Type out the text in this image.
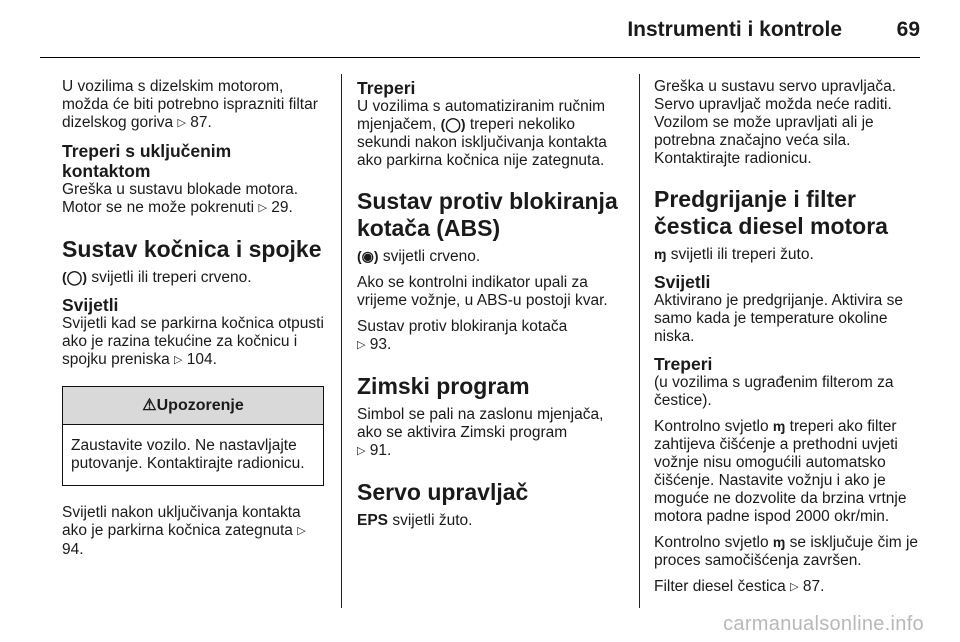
Instrumenti i kontrole	69

U vozilima s dizelskim motorom, možda će biti potrebno isprazniti filtar dizelskog goriva ▷ 87.

Treperi s uključenim kontaktom

Greška u sustavu blokade motora.
Motor se ne može pokrenuti ▷ 29.

Sustav kočnica i spojke

(◯) svijetli ili treperi crveno.

Svijetli

Svijetli kad se parkirna kočnica otpusti ako je razina tekućine za kočnicu i spojku preniska ▷ 104.

⚠Upozorenje
Zaustavite vozilo. Ne nastavljajte putovanje. Kontaktirajte radionicu.

Svijetli nakon uključivanja kontakta ako je parkirna kočnica zategnuta ▷ 94.

Treperi

U vozilima s automatiziranim ručnim mjenjačem, (◯) treperi nekoliko sekundi nakon isključivanja kontakta ako parkirna kočnica nije zategnuta.

Sustav protiv blokiranja kotača (ABS)

(◉) svijetli crveno.

Ako se kontrolni indikator upali za vrijeme vožnje, u ABS-u postoji kvar.

Sustav protiv blokiranja kotača
▷ 93.

Zimski program

Simbol se pali na zaslonu mjenjača, ako se aktivira Zimski program
▷ 91.

Servo upravljač

EPS svijetli žuto.

Greška u sustavu servo upravljača. Servo upravljač možda neće raditi. Vozilom se može upravljati ali je potrebna značajno veća sila. Kontaktirajte radionicu.

Predgrijanje i filter čestica diesel motora

ɱ svijetli ili treperi žuto.

Svijetli

Aktivirano je predgrijanje. Aktivira se samo kada je temperature okoline niska.

Treperi

(u vozilima s ugrađenim filterom za čestice).

Kontrolno svjetlo ɱ treperi ako filter zahtijeva čišćenje a prethodni uvjeti vožnje nisu omogućili automatsko čišćenje. Nastavite vožnju i ako je moguće ne dozvolite da brzina vrtnje motora padne ispod 2000 okr/min.

Kontrolno svjetlo ɱ se isključuje čim je proces samočišćenja završen.

Filter diesel čestica ▷ 87.

carmanualsonline.info
